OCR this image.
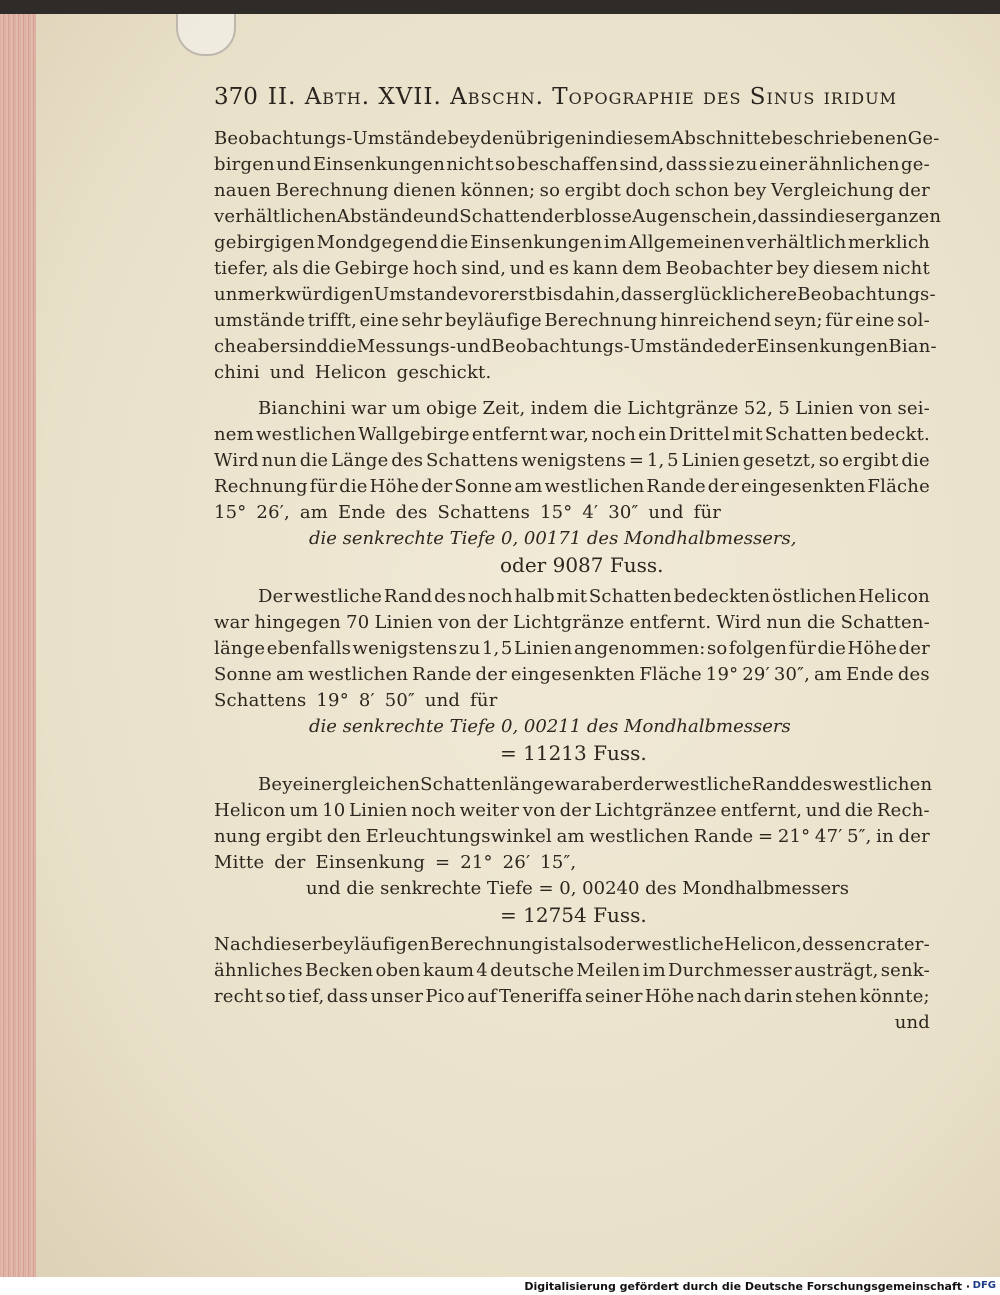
370 II. Abth. XVII. Abschn. Topographie des Sinus iridum
Beobachtungs - Umstände bey den übrigen in diesem Abschnitte beschriebenen Ge-
birgen und Einsenkungen nicht so beschaffen sind, dass sie zu einer ähnlichen ge-
nauen Berechnung dienen können; so ergibt doch schon bey Vergleichung der
verhältlichen Abstände und Schatten der blosse Augenschein, dass in dieser ganzen
gebirgigen Mondgegend die Einsenkungen im Allgemeinen verhältlich merklich
tiefer, als die Gebirge hoch sind, und es kann dem Beobachter bey diesem nicht
unmerkwürdigen Umstande vorerst bis dahin, dass er glücklichere Beobachtungs-
umstände trifft, eine sehr beyläufige Berechnung hinreichend seyn; für eine sol-
che aber sind die Messungs- und Beobachtungs - Umstände der Einsenkungen Bian-
chini und Helicon geschickt.
Bianchini war um obige Zeit, indem die Lichtgränze 52, 5 Linien von sei-
nem westlichen Wallgebirge entfernt war, noch ein Drittel mit Schatten bedeckt.
Wird nun die Länge des Schattens wenigstens = 1, 5 Linien gesetzt, so ergibt die
Rechnung für die Höhe der Sonne am westlichen Rande der eingesenkten Fläche
15° 26′, am Ende des Schattens 15° 4′ 30″ und für
die senkrechte Tiefe 0, 00171 des Mondhalbmessers,
oder 9087 Fuss.
Der westliche Rand des noch halb mit Schatten bedeckten östlichen Helicon
war hingegen 70 Linien von der Lichtgränze entfernt. Wird nun die Schatten-
länge ebenfalls wenigstens zu 1, 5 Linien angenommen: so folgen für die Höhe der
Sonne am westlichen Rande der eingesenkten Fläche 19° 29′ 30″, am Ende des
Schattens 19° 8′ 50″ und für
die senkrechte Tiefe 0, 00211 des Mondhalbmessers
= 11213 Fuss.
Bey einer gleichen Schattenlänge war aber der westliche Rand des westlichen
Helicon um 10 Linien noch weiter von der Lichtgränzee entfernt, und die Rech-
nung ergibt den Erleuchtungswinkel am westlichen Rande = 21° 47′ 5″, in der
Mitte der Einsenkung = 21° 26′ 15″,
und die senkrechte Tiefe = 0, 00240 des Mondhalbmessers
= 12754 Fuss.
Nach dieser beyläufigen Berechnung ist also der westliche Helicon, dessen crater-
ähnliches Becken oben kaum 4 deutsche Meilen im Durchmesser austrägt, senk-
recht so tief, dass unser Pico auf Teneriffa seiner Höhe nach darin stehen könnte;
und
Digitalisierung gefördert durch die Deutsche Forschungsgemeinschaft · DFG
